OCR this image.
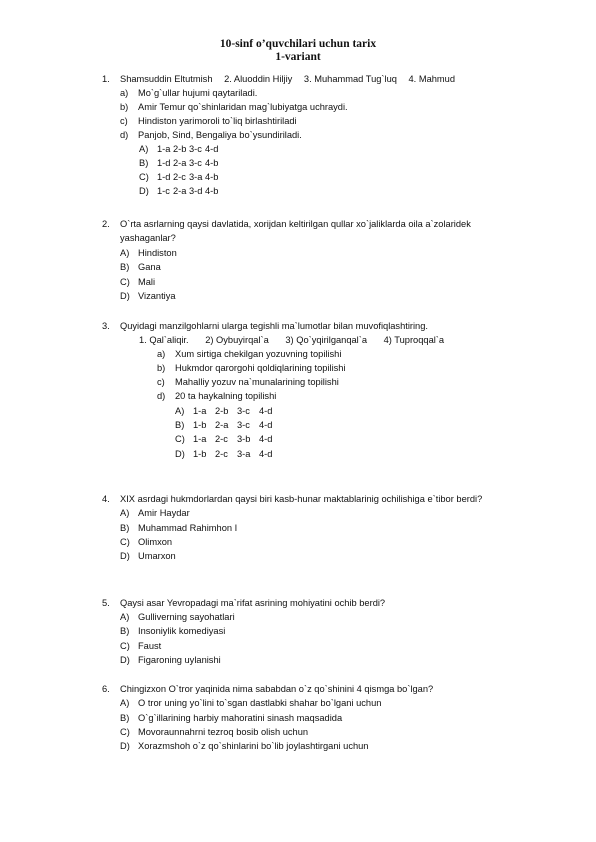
10-sinf o’quvchilari uchun tarix
1-variant
1. Shamsuddin Eltutmish 2. Aluoddin Hiljiy 3. Muhammad Tug`luq 4. Mahmud
a) Mo`g`ullar hujumi qaytariladi.
b) Amir Temur qo`shinlaridan mag`lubiyatga uchraydi.
c) Hindiston yarimoroli to`liq birlashtiriladi
d) Panjob, Sind, Bengaliya bo`ysundiriladi.
A) 1-a 2-b 3-c 4-d
B) 1-d 2-a 3-c 4-b
C) 1-d 2-c 3-a 4-b
D) 1-c 2-a 3-d 4-b
2. O`rta asrlarning qaysi davlatida, xorijdan keltirilgan qullar xo`jaliklarda oila a`zolaridek
yashaganlar?
A) Hindiston
B) Gana
C) Mali
D) Vizantiya
3. Quyidagi manzilgohlarni ularga tegishli ma`lumotlar bilan muvofiqlashtiring.
1. Qal`aliqir. 2) Oybuyirqal`a 3) Qo`yqirilganqal`a 4) Tuproqqal`a
a) Xum sirtiga chekilgan yozuvning topilishi
b) Hukmdor qarorgohi qoldiqlarining topilishi
c) Mahalliy yozuv na`munalarining topilishi
d) 20 ta haykalning topilishi
A) 1-a 2-b 3-c 4-d
B) 1-b 2-a 3-c 4-d
C) 1-a 2-c 3-b 4-d
D) 1-b 2-c 3-a 4-d
4. XIX asrdagi hukmdorlardan qaysi biri kasb-hunar maktablarinig ochilishiga e`tibor berdi?
A) Amir Haydar
B) Muhammad Rahimhon I
C) Olimxon
D) Umarxon
5. Qaysi asar Yevropadagi ma`rifat asrining mohiyatini ochib berdi?
A) Gulliverning sayohatlari
B) Insoniylik komediyasi
C) Faust
D) Figaroning uylanishi
6. Chingizxon O`tror yaqinida nima sababdan o`z qo`shinini 4 qismga bo`lgan?
A) O tror uning yo`lini to`sgan dastlabki shahar bo`lgani uchun
B) O`g`illarining harbiy mahoratini sinash maqsadida
C) Movoraunnahrni tezroq bosib olish uchun
D) Xorazmshoh o`z qo`shinlarini bo`lib joylashtirgani uchun
